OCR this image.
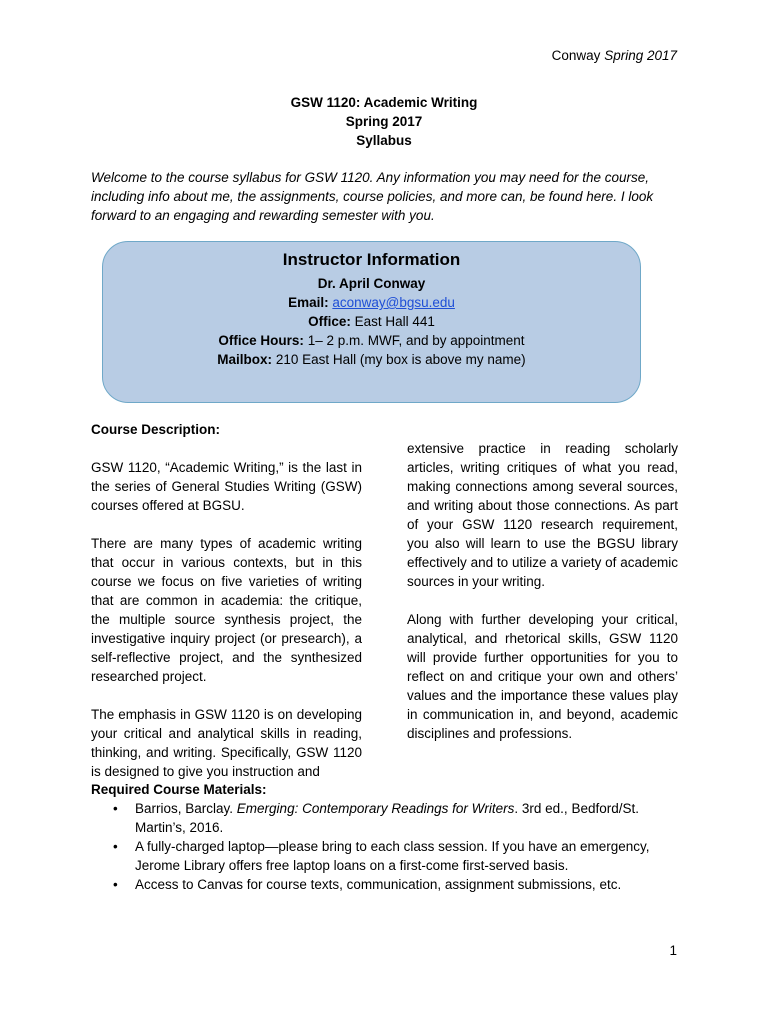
Conway Spring 2017
GSW 1120: Academic Writing
Spring 2017
Syllabus
Welcome to the course syllabus for GSW 1120. Any information you may need for the course, including info about me, the assignments, course policies, and more can, be found here. I look forward to an engaging and rewarding semester with you.
Instructor Information
Dr. April Conway
Email: aconway@bgsu.edu
Office: East Hall 441
Office Hours: 1– 2 p.m. MWF, and by appointment
Mailbox: 210 East Hall (my box is above my name)

Course Description:

GSW 1120, “Academic Writing,” is the last in the series of General Studies Writing (GSW) courses offered at BGSU.

There are many types of academic writing that occur in various contexts, but in this course we focus on five varieties of writing that are common in academia: the critique, the multiple source synthesis project, the investigative inquiry project (or presearch), a self-reflective project, and the synthesized researched project.

The emphasis in GSW 1120 is on developing your critical and analytical skills in reading, thinking, and writing. Specifically, GSW 1120 is designed to give you instruction and

extensive practice in reading scholarly articles, writing critiques of what you read, making connections among several sources, and writing about those connections. As part of your GSW 1120 research requirement, you also will learn to use the BGSU library effectively and to utilize a variety of academic sources in your writing.

Along with further developing your critical, analytical, and rhetorical skills, GSW 1120 will provide further opportunities for you to reflect on and critique your own and others’ values and the importance these values play in communication in, and beyond, academic disciplines and professions.

Required Course Materials:
• Barrios, Barclay. Emerging: Contemporary Readings for Writers. 3rd ed., Bedford/St. Martin’s, 2016.
• A fully-charged laptop—please bring to each class session. If you have an emergency, Jerome Library offers free laptop loans on a first-come first-served basis.
• Access to Canvas for course texts, communication, assignment submissions, etc.
1
